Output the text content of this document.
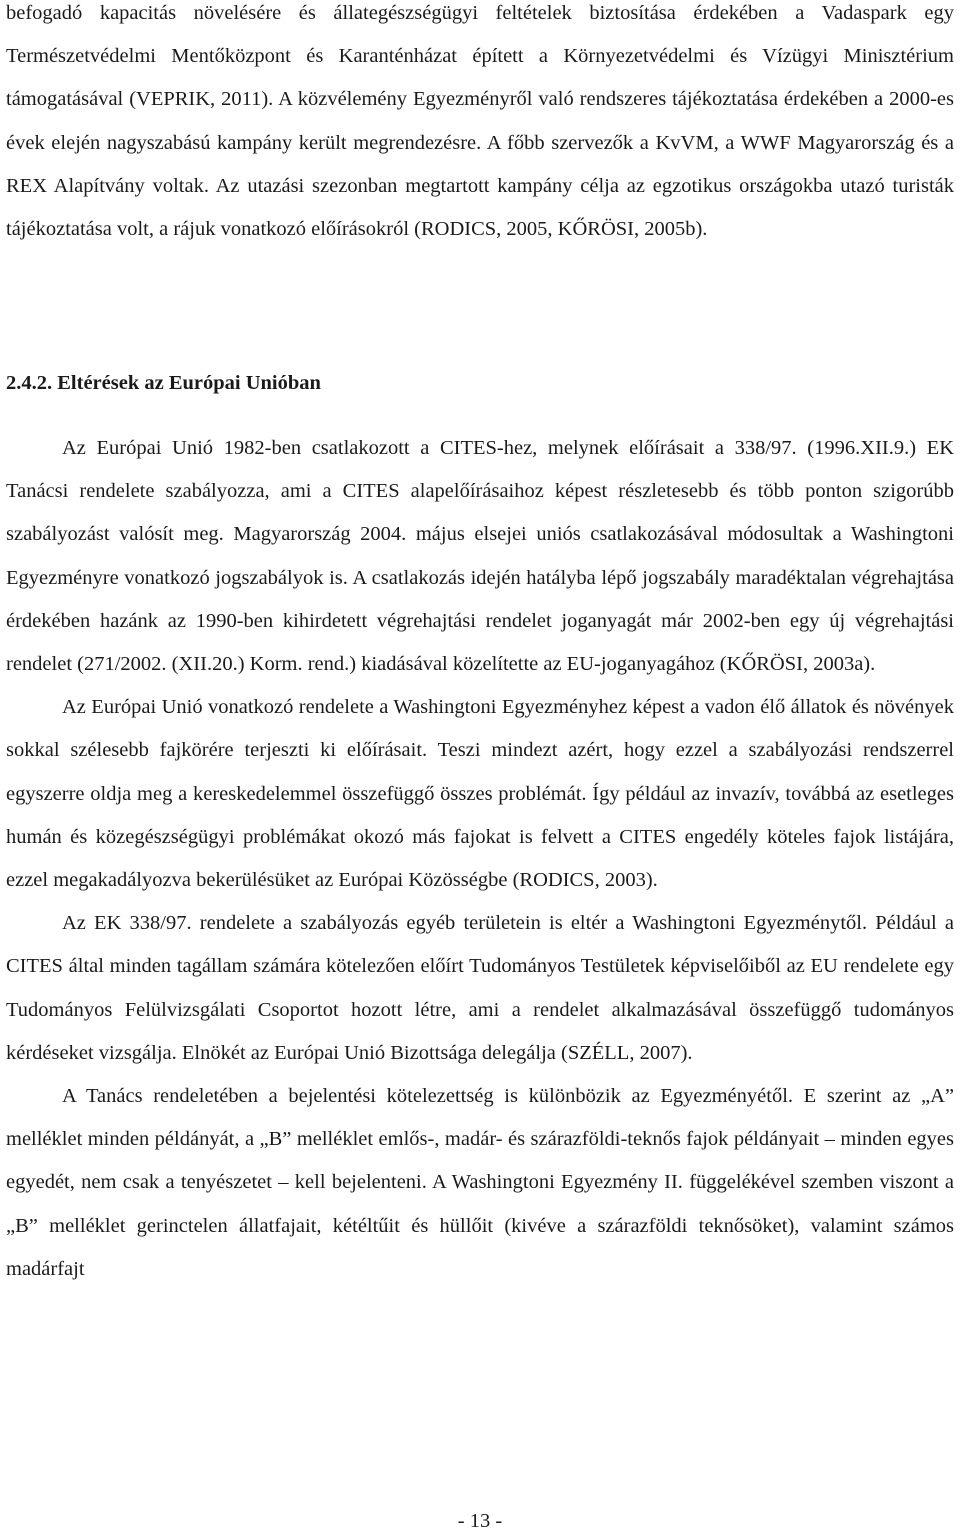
befogadó kapacitás növelésére és állategészségügyi feltételek biztosítása érdekében a Vadaspark egy Természetvédelmi Mentőközpont és Karanténházat épített a Környezetvédelmi és Vízügyi Minisztérium támogatásával (VEPRIK, 2011). A közvélemény Egyezményről való rendszeres tájékoztatása érdekében a 2000-es évek elején nagyszabású kampány került megrendezésre. A főbb szervezők a KvVM, a WWF Magyarország és a REX Alapítvány voltak. Az utazási szezonban megtartott kampány célja az egzotikus országokba utazó turisták tájékoztatása volt, a rájuk vonatkozó előírásokról (RODICS, 2005, KŐRÖSI, 2005b).

2.4.2. Eltérések az Európai Unióban

Az Európai Unió 1982-ben csatlakozott a CITES-hez, melynek előírásait a 338/97. (1996.XII.9.) EK Tanácsi rendelete szabályozza, ami a CITES alapelőírásaihoz képest részletesebb és több ponton szigorúbb szabályozást valósít meg. Magyarország 2004. május elsejei uniós csatlakozásával módosultak a Washingtoni Egyezményre vonatkozó jogszabályok is. A csatlakozás idején hatályba lépő jogszabály maradéktalan végrehajtása érdekében hazánk az 1990-ben kihirdetett végrehajtási rendelet joganyagát már 2002-ben egy új végrehajtási rendelet (271/2002. (XII.20.) Korm. rend.) kiadásával közelítette az EU-joganyagához (KŐRÖSI, 2003a).

Az Európai Unió vonatkozó rendelete a Washingtoni Egyezményhez képest a vadon élő állatok és növények sokkal szélesebb fajkörére terjeszti ki előírásait. Teszi mindezt azért, hogy ezzel a szabályozási rendszerrel egyszerre oldja meg a kereskedelemmel összefüggő összes problémát. Így például az invazív, továbbá az esetleges humán és közegészségügyi problémákat okozó más fajokat is felvett a CITES engedély köteles fajok listájára, ezzel megakadályozva bekerülésüket az Európai Közösségbe (RODICS, 2003).

Az EK 338/97. rendelete a szabályozás egyéb területein is eltér a Washingtoni Egyezménytől. Például a CITES által minden tagállam számára kötelezően előírt Tudományos Testületek képviselőiből az EU rendelete egy Tudományos Felülvizsgálati Csoportot hozott létre, ami a rendelet alkalmazásával összefüggő tudományos kérdéseket vizsgálja. Elnökét az Európai Unió Bizottsága delegálja (SZÉLL, 2007).

A Tanács rendeletében a bejelentési kötelezettség is különbözik az Egyezményétől. E szerint az „A” melléklet minden példányát, a „B” melléklet emlős-, madár- és szárazföldi-teknős fajok példányait – minden egyes egyedét, nem csak a tenyészetet – kell bejelenteni. A Washingtoni Egyezmény II. függelékével szemben viszont a „B” melléklet gerinctelen állatfajait, kétéltűit és hüllőit (kivéve a szárazföldi teknősöket), valamint számos madárfajt

- 13 -
